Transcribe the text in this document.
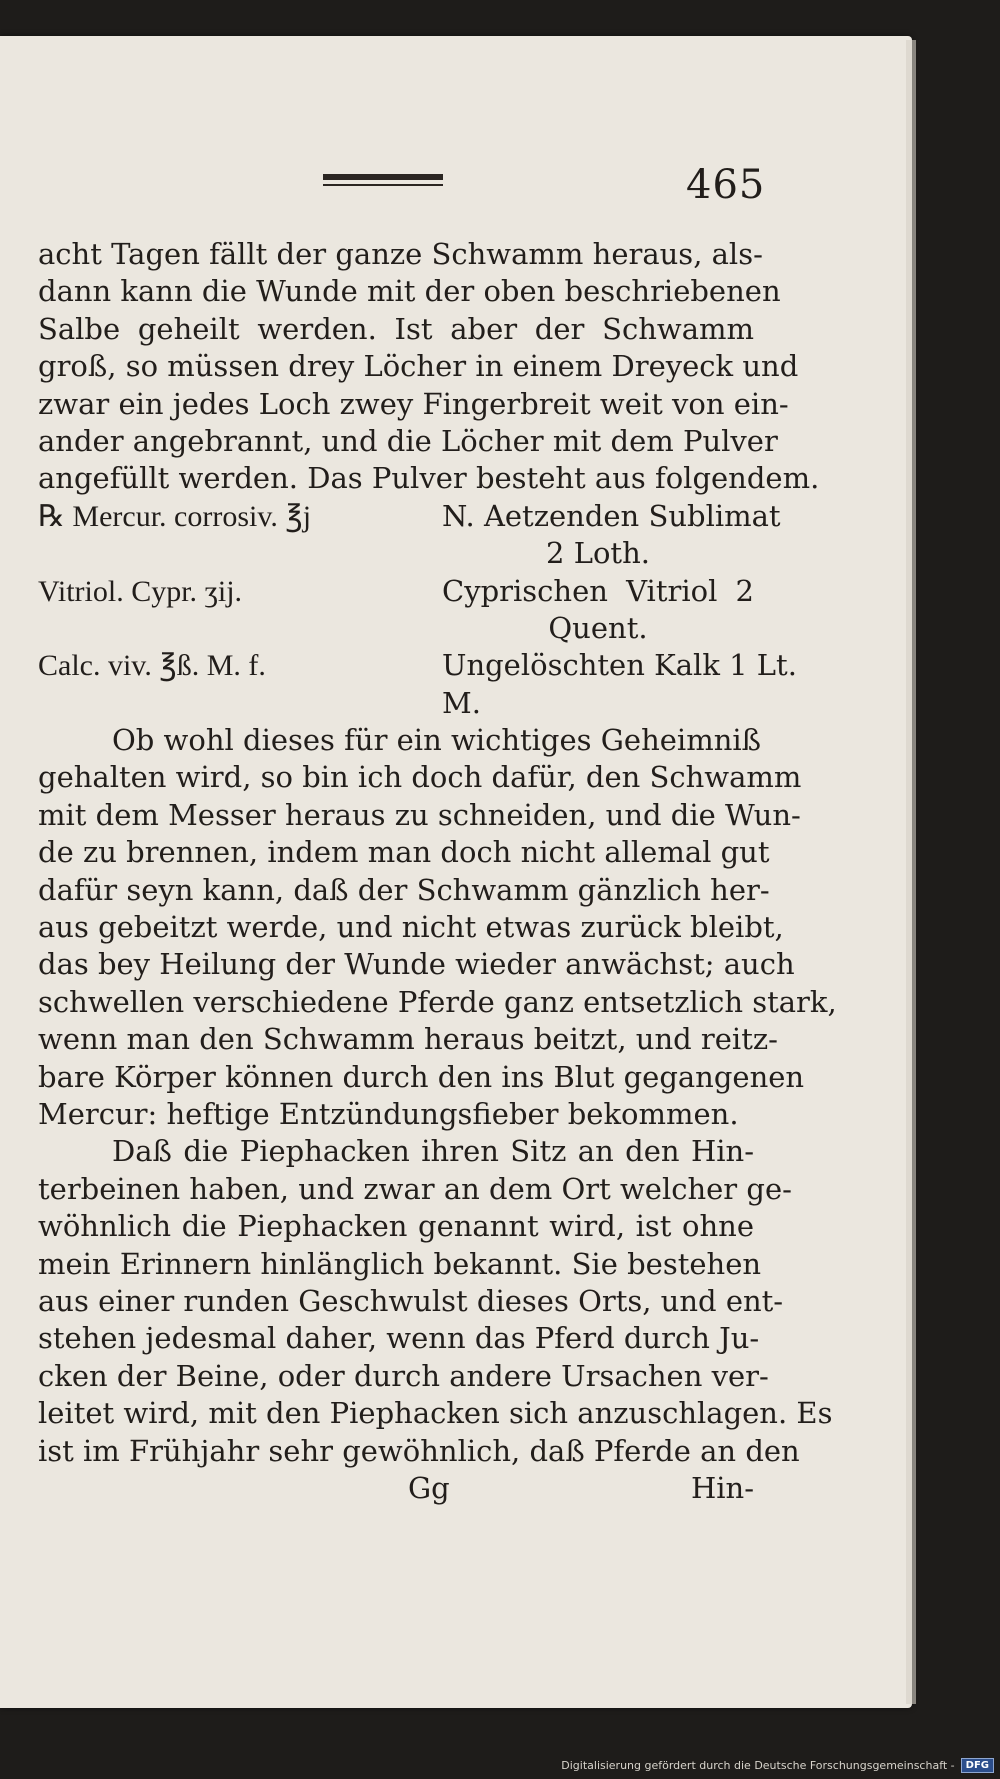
465
acht Tagen fällt der ganze Schwamm heraus, als-
dann kann die Wunde mit der oben beschriebenen
Salbe geheilt werden. Ist aber der Schwamm
groß, so müssen drey Löcher in einem Dreyeck und
zwar ein jedes Loch zwey Fingerbreit weit von ein-
ander angebrannt, und die Löcher mit dem Pulver
angefüllt werden. Das Pulver besteht aus folgendem.
℞ Mercur. corrosiv. ℥j	N. Aetzenden Sublimat
2 Loth.
Vitriol. Cypr. ʒij.	Cyprischen Vitriol 2
Quent.
Calc. viv. ℥ß. M. f.	Ungelöschten Kalk 1 Lt.
M.
Ob wohl dieses für ein wichtiges Geheimniß
gehalten wird, so bin ich doch dafür, den Schwamm
mit dem Messer heraus zu schneiden, und die Wun-
de zu brennen, indem man doch nicht allemal gut
dafür seyn kann, daß der Schwamm gänzlich her-
aus gebeitzt werde, und nicht etwas zurück bleibt,
das bey Heilung der Wunde wieder anwächst; auch
schwellen verschiedene Pferde ganz entsetzlich stark,
wenn man den Schwamm heraus beitzt, und reitz-
bare Körper können durch den ins Blut gegangenen
Mercur: heftige Entzündungsfieber bekommen.
Daß die Piephacken ihren Sitz an den Hin-
terbeinen haben, und zwar an dem Ort welcher ge-
wöhnlich die Piephacken genannt wird, ist ohne
mein Erinnern hinlänglich bekannt. Sie bestehen
aus einer runden Geschwulst dieses Orts, und ent-
stehen jedesmal daher, wenn das Pferd durch Ju-
cken der Beine, oder durch andere Ursachen ver-
leitet wird, mit den Piephacken sich anzuschlagen. Es
ist im Frühjahr sehr gewöhnlich, daß Pferde an den
Gg	Hin-
Digitalisierung gefördert durch die Deutsche Forschungsgemeinschaft -	DFG
